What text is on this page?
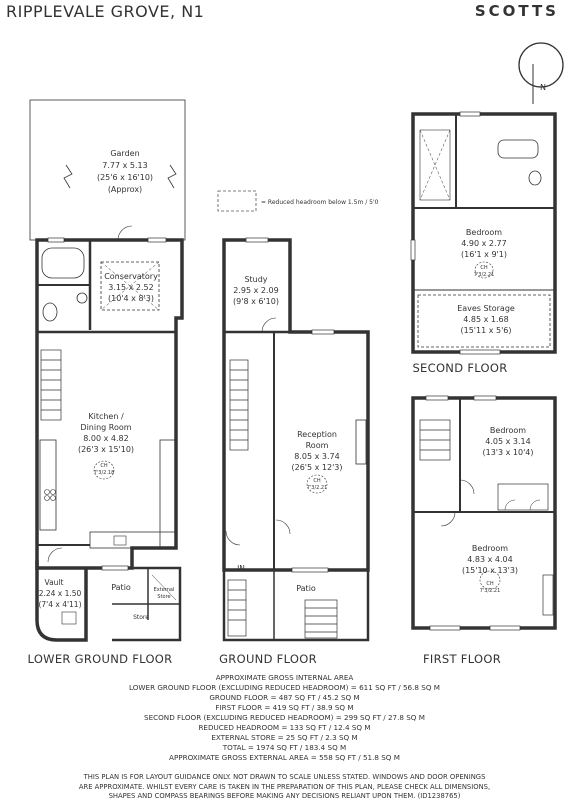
RIPPLEVALE GROVE, N1	SCOTTS
N
= Reduced headroom below 1.5m / 5'0
Garden
7.77 x 5.13
(25'6 x 16'10)
(Approx)
Conservatory
3.15 x 2.52
(10'4 x 8'3)
Kitchen /
Dining Room
8.00 x 4.82
(26'3 x 15'10)
CH
7'3/2.18
Vault
2.24 x 1.50
(7'4 x 4'11)
Patio	External
Store
Store
Study
2.95 x 2.09
(9'8 x 6'10)
Reception
Room
8.05 x 3.74
(26'5 x 12'3)
CH
7'3/2.21
IN
Patio
Bedroom
4.90 x 2.77
(16'1 x 9'1)
CH
7'3/2.21
Eaves Storage
4.85 x 1.68
(15'11 x 5'6)
Bedroom
4.05 x 3.14
(13'3 x 10'4)
Bedroom
4.83 x 4.04
(15'10 x 13'3)
CH
7'3/2.21
LOWER GROUND FLOOR	GROUND FLOOR
SECOND FLOOR
FIRST FLOOR
APPROXIMATE GROSS INTERNAL AREA
LOWER GROUND FLOOR (EXCLUDING REDUCED HEADROOM) = 611 SQ FT / 56.8 SQ M
GROUND FLOOR = 487 SQ FT / 45.2 SQ M
FIRST FLOOR = 419 SQ FT / 38.9 SQ M
SECOND FLOOR (EXCLUDING REDUCED HEADROOM) = 299 SQ FT / 27.8 SQ M
REDUCED HEADROOM = 133 SQ FT / 12.4 SQ M
EXTERNAL STORE = 25 SQ FT / 2.3 SQ M
TOTAL = 1974 SQ FT / 183.4 SQ M
APPROXIMATE GROSS EXTERNAL AREA = 558 SQ FT / 51.8 SQ M
THIS PLAN IS FOR LAYOUT GUIDANCE ONLY. NOT DRAWN TO SCALE UNLESS STATED. WINDOWS AND DOOR OPENINGS
ARE APPROXIMATE. WHILST EVERY CARE IS TAKEN IN THE PREPARATION OF THIS PLAN, PLEASE CHECK ALL DIMENSIONS,
SHAPES AND COMPASS BEARINGS BEFORE MAKING ANY DECISIONS RELIANT UPON THEM. (ID1238765)
